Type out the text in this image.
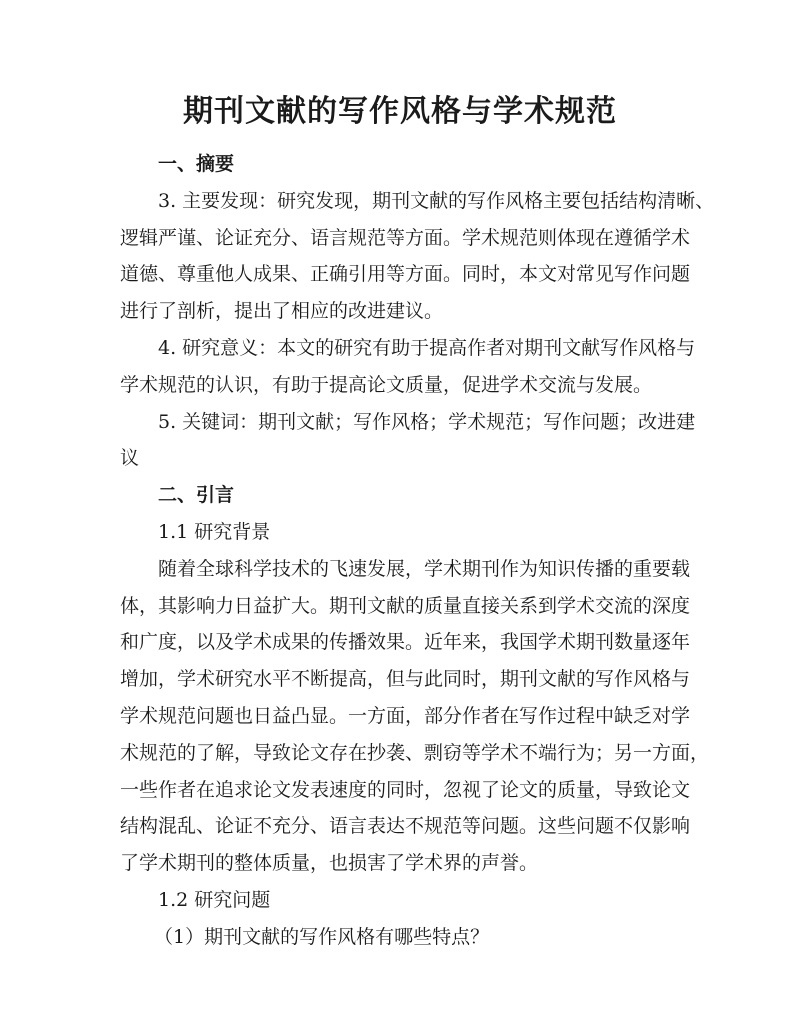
期刊文献的写作风格与学术规范
一、摘要
3. 主要发现：研究发现，期刊文献的写作风格主要包括结构清晰、
逻辑严谨、论证充分、语言规范等方面。学术规范则体现在遵循学术
道德、尊重他人成果、正确引用等方面。同时，本文对常见写作问题
进行了剖析，提出了相应的改进建议。
4. 研究意义：本文的研究有助于提高作者对期刊文献写作风格与
学术规范的认识，有助于提高论文质量，促进学术交流与发展。
5. 关键词：期刊文献；写作风格；学术规范；写作问题；改进建
议
二、引言
1.1 研究背景
随着全球科学技术的飞速发展，学术期刊作为知识传播的重要载
体，其影响力日益扩大。期刊文献的质量直接关系到学术交流的深度
和广度，以及学术成果的传播效果。近年来，我国学术期刊数量逐年
增加，学术研究水平不断提高，但与此同时，期刊文献的写作风格与
学术规范问题也日益凸显。一方面，部分作者在写作过程中缺乏对学
术规范的了解，导致论文存在抄袭、剽窃等学术不端行为；另一方面，
一些作者在追求论文发表速度的同时，忽视了论文的质量，导致论文
结构混乱、论证不充分、语言表达不规范等问题。这些问题不仅影响
了学术期刊的整体质量，也损害了学术界的声誉。
1.2 研究问题
（1）期刊文献的写作风格有哪些特点？
